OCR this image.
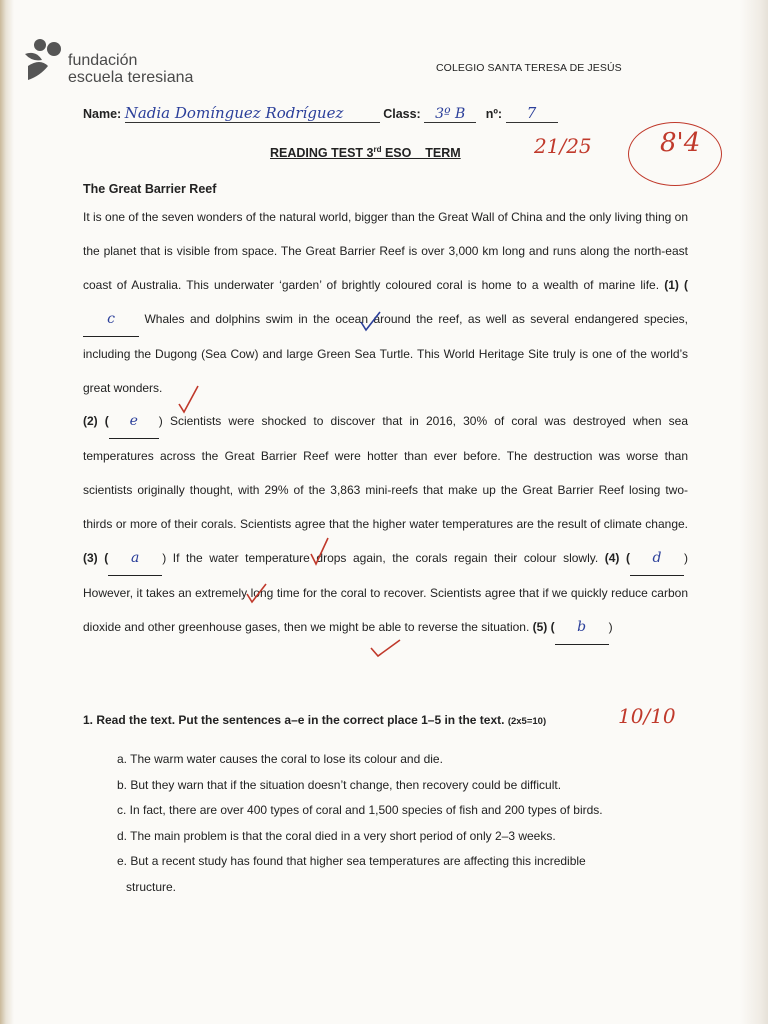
fundación
escuela teresiana
COLEGIO SANTA TERESA DE JESÚS
Name: Nadia Domínguez Rodríguez	Class: 3º B nº: 7
READING TEST 3rd ESO    TERM	21/25	8'4
The Great Barrier Reef
It is one of the seven wonders of the natural world, bigger than the Great Wall of China and the only living thing on the planet that is visible from space. The Great Barrier Reef is over 3,000 km long and runs along the north-east coast of Australia. This underwater ‘garden’ of brightly coloured coral is home to a wealth of marine life. (1) (c Whales and dolphins swim in the ocean around the reef, as well as several endangered species, including the Dugong (Sea Cow) and large Green Sea Turtle. This World Heritage Site truly is one of the world’s great wonders.
(2) ( e ) Scientists were shocked to discover that in 2016, 30% of coral was destroyed when sea temperatures across the Great Barrier Reef were hotter than ever before. The destruction was worse than scientists originally thought, with 29% of the 3,863 mini-reefs that make up the Great Barrier Reef losing two-thirds or more of their corals. Scientists agree that the higher water temperatures are the result of climate change. (3) ( a ) If the water temperature drops again, the corals regain their colour slowly. (4) ( d ) However, it takes an extremely long time for the coral to recover. Scientists agree that if we quickly reduce carbon dioxide and other greenhouse gases, then we might be able to reverse the situation. (5) ( b )
1. Read the text. Put the sentences a–e in the correct place 1–5 in the text. (2x5=10)	10/10
a. The warm water causes the coral to lose its colour and die.
b. But they warn that if the situation doesn’t change, then recovery could be difficult.
c. In fact, there are over 400 types of coral and 1,500 species of fish and 200 types of birds.
d. The main problem is that the coral died in a very short period of only 2–3 weeks.
e. But a recent study has found that higher sea temperatures are affecting this incredible
structure.
